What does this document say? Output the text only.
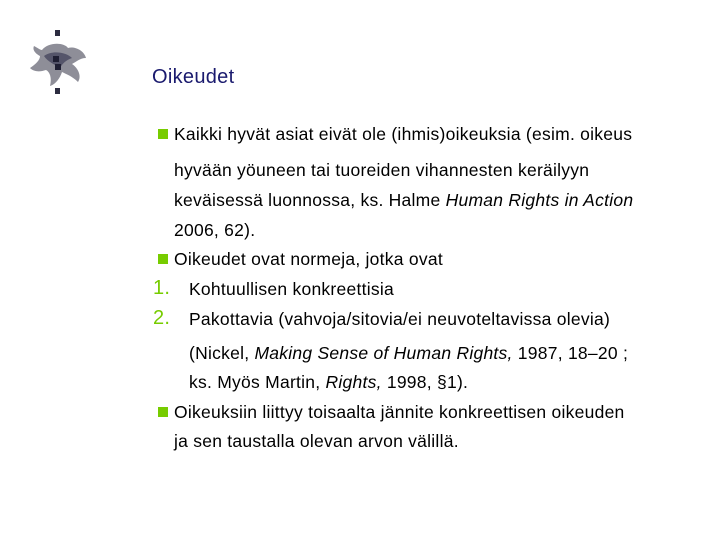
Oikeudet
Kaikki hyvät asiat eivät ole (ihmis)oikeuksia (esim. oikeus
hyvään yöuneen tai tuoreiden vihannesten keräilyyn
keväisessä luonnossa, ks. Halme Human Rights in Action
2006, 62).
Oikeudet ovat normeja, jotka ovat
1. Kohtuullisen konkreettisia
2. Pakottavia (vahvoja/sitovia/ei neuvoteltavissa olevia)
(Nickel, Making Sense of Human Rights, 1987, 18–20 ;
ks. Myös Martin, Rights, 1998, §1).
Oikeuksiin liittyy toisaalta jännite konkreettisen oikeuden
ja sen taustalla olevan arvon välillä.
